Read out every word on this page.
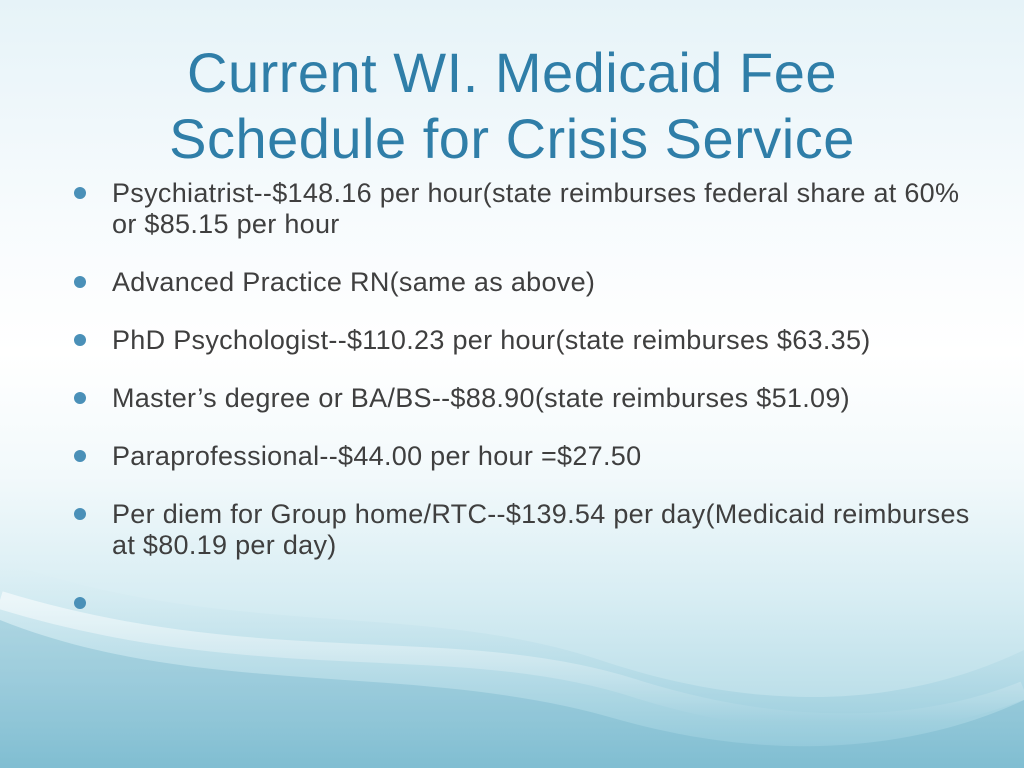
Current WI. Medicaid Fee
Schedule for Crisis Service
Psychiatrist--$148.16 per hour(state reimburses federal share at 60% or $85.15 per hour
Advanced Practice RN(same as above)
PhD Psychologist--$110.23 per hour(state reimburses $63.35)
Master’s degree or BA/BS--$88.90(state reimburses $51.09)
Paraprofessional--$44.00 per hour =$27.50
Per diem for Group home/RTC--$139.54 per day(Medicaid reimburses at $80.19 per day)
